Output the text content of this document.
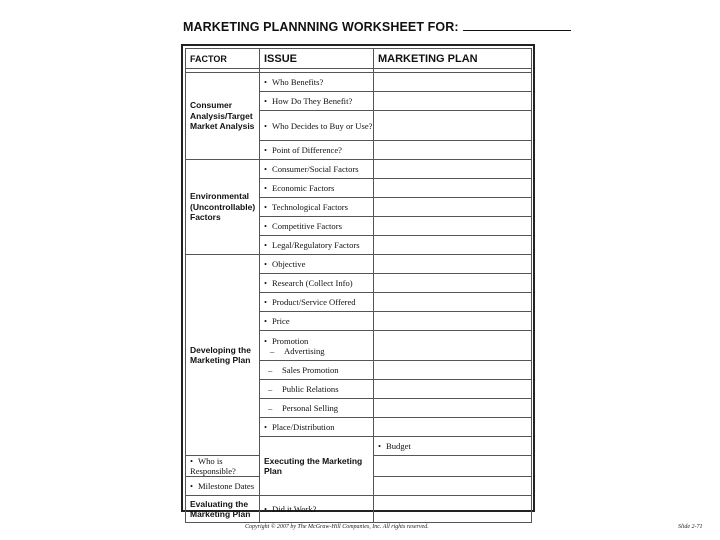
MARKETING PLANNNING WORKSHEET FOR:
FACTOR	ISSUE	MARKETING PLAN	

Consumer Analysis/Target Market Analysis	• Who Benefits?		
	• How Do They Benefit?		
	• Who Decides to Buy or Use?		
	• Point of Difference?		
Environmental (Uncontrollable) Factors	• Consumer/Social Factors		
	• Economic Factors		
	• Technological Factors		
	• Competitive Factors		
	• Legal/Regulatory Factors		
Developing the Marketing Plan	• Objective		
	• Research (Collect Info)		
	• Product/Service Offered		
	• Price		
	• Promotion
– Advertising		
	– Sales Promotion		
	– Public Relations		
	– Personal Selling		
	• Place/Distribution		
	Executing the Marketing Plan	• Budget	
• Who is Responsible?			
• Milestone Dates			
Evaluating the Marketing Plan	• Did it Work?		
Copyright © 2007 by The McGraw-Hill Companies, Inc. All rights reserved.	Slide 2-71
